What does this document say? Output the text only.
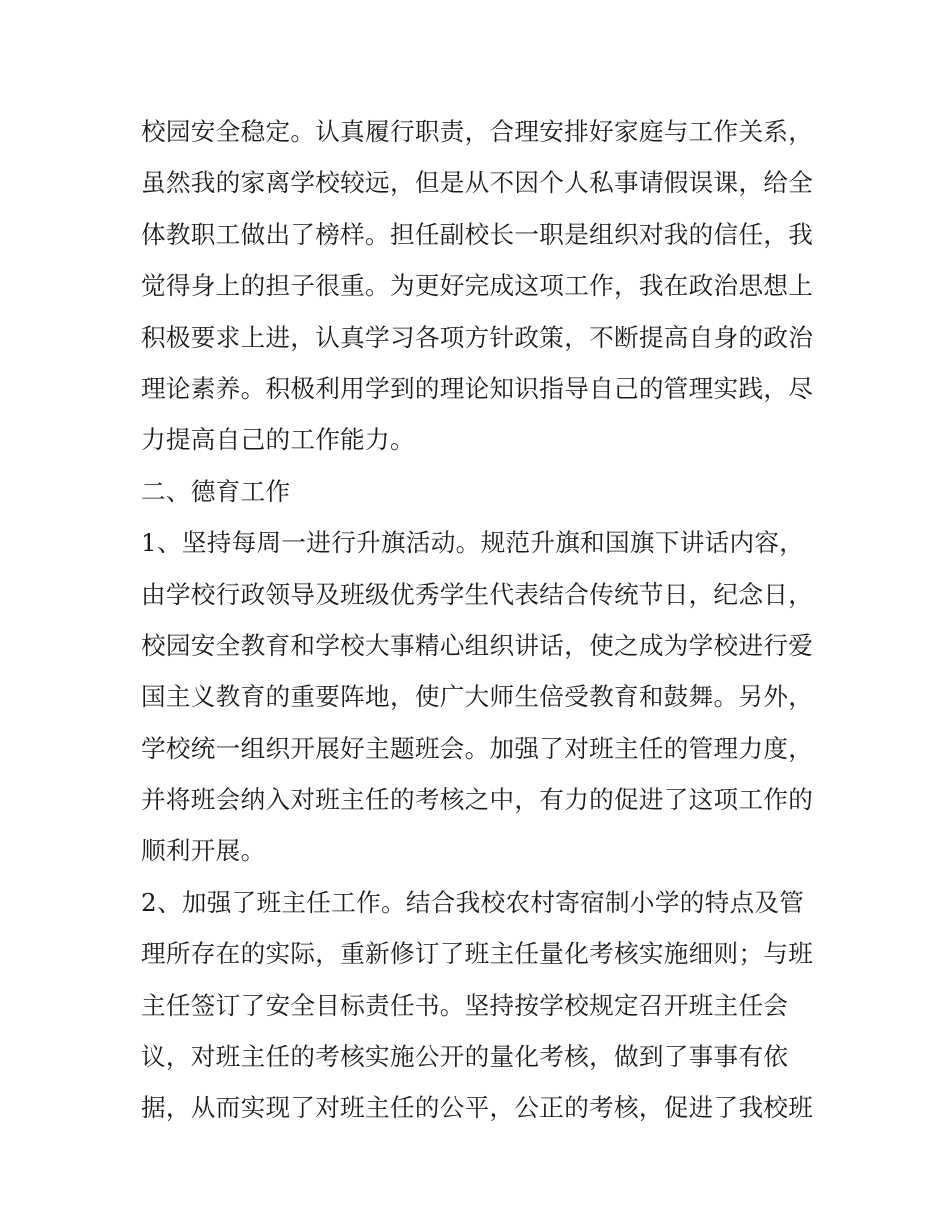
校园安全稳定。认真履行职责，合理安排好家庭与工作关系，
虽然我的家离学校较远，但是从不因个人私事请假误课，给全
体教职工做出了榜样。担任副校长一职是组织对我的信任，我
觉得身上的担子很重。为更好完成这项工作，我在政治思想上
积极要求上进，认真学习各项方针政策，不断提高自身的政治
理论素养。积极利用学到的理论知识指导自己的管理实践，尽
力提高自己的工作能力。
二、德育工作
1、坚持每周一进行升旗活动。规范升旗和国旗下讲话内容，
由学校行政领导及班级优秀学生代表结合传统节日，纪念日，
校园安全教育和学校大事精心组织讲话，使之成为学校进行爱
国主义教育的重要阵地，使广大师生倍受教育和鼓舞。另外，
学校统一组织开展好主题班会。加强了对班主任的管理力度，
并将班会纳入对班主任的考核之中，有力的促进了这项工作的
顺利开展。
2、加强了班主任工作。结合我校农村寄宿制小学的特点及管
理所存在的实际，重新修订了班主任量化考核实施细则；与班
主任签订了安全目标责任书。坚持按学校规定召开班主任会
议，对班主任的考核实施公开的量化考核，做到了事事有依
据，从而实现了对班主任的公平，公正的考核，促进了我校班
